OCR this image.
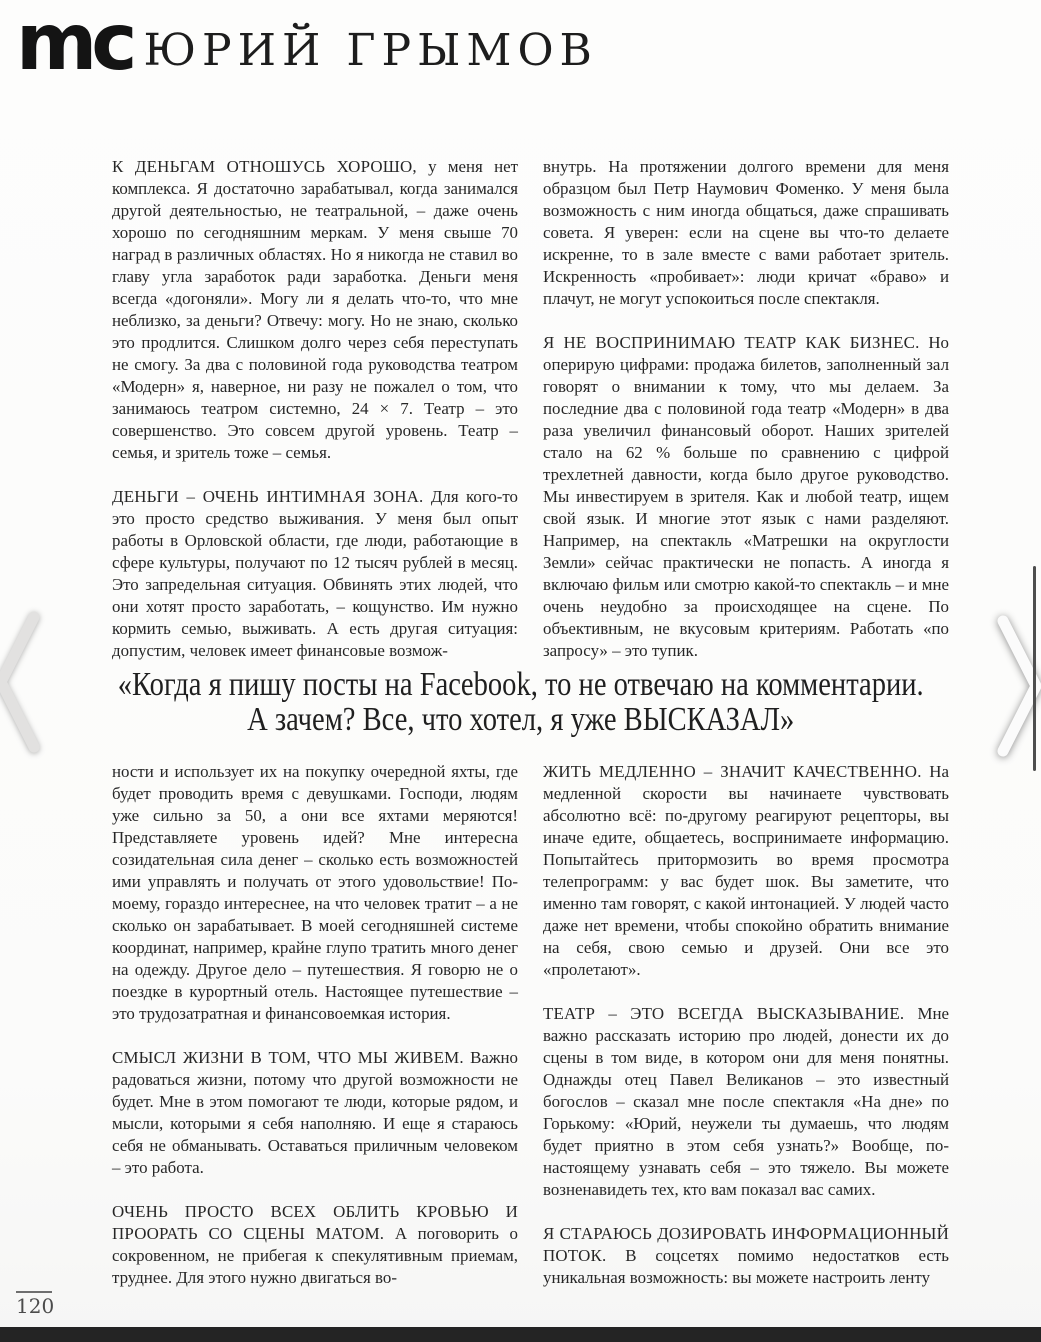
mc ЮРИЙ ГРЫМОВ

К ДЕНЬГАМ ОТНОШУСЬ ХОРОШО, у меня нет комплекса. Я достаточно зарабатывал, когда занимался другой деятельностью, не театральной, – даже очень хорошо по сегодняшним меркам. У меня свыше 70 наград в различных областях. Но я никогда не ставил во главу угла заработок ради заработка. Деньги меня всегда «догоняли». Могу ли я делать что-то, что мне неблизко, за деньги? Отвечу: могу. Но не знаю, сколько это продлится. Слишком долго через себя переступать не смогу. За два с половиной года руководства театром «Модерн» я, наверное, ни разу не пожалел о том, что занимаюсь театром системно, 24 × 7. Театр – это совершенство. Это совсем другой уровень. Театр – семья, и зритель тоже – семья.

ДЕНЬГИ – ОЧЕНЬ ИНТИМНАЯ ЗОНА. Для кого-то это просто средство выживания. У меня был опыт работы в Орловской области, где люди, работающие в сфере культуры, получают по 12 тысяч рублей в месяц. Это запредельная ситуация. Обвинять этих людей, что они хотят просто заработать, – кощунство. Им нужно кормить семью, выживать. А есть другая ситуация: допустим, человек имеет финансовые возмож-

внутрь. На протяжении долгого времени для меня образцом был Петр Наумович Фоменко. У меня была возможность с ним иногда общаться, даже спрашивать совета. Я уверен: если на сцене вы что-то делаете искренне, то в зале вместе с вами работает зритель. Искренность «пробивает»: люди кричат «браво» и плачут, не могут успокоиться после спектакля.

Я НЕ ВОСПРИНИМАЮ ТЕАТР КАК БИЗНЕС. Но оперирую цифрами: продажа билетов, заполненный зал говорят о внимании к тому, что мы делаем. За последние два с половиной года театр «Модерн» в два раза увеличил финансовый оборот. Наших зрителей стало на 62 % больше по сравнению с цифрой трехлетней давности, когда было другое руководство. Мы инвестируем в зрителя. Как и любой театр, ищем свой язык. И многие этот язык с нами разделяют. Например, на спектакль «Матрешки на округлости Земли» сейчас практически не попасть. А иногда я включаю фильм или смотрю какой-то спектакль – и мне очень неудобно за происходящее на сцене. По объективным, не вкусовым критериям. Работать «по запросу» – это тупик.

«Когда я пишу посты на Facebook, то не отвечаю на комментарии.
А зачем? Все, что хотел, я уже ВЫСКАЗАЛ»

ности и использует их на покупку очередной яхты, где будет проводить время с девушками. Господи, людям уже сильно за 50, а они все яхтами меряются! Представляете уровень идей? Мне интересна созидательная сила денег – сколько есть возможностей ими управлять и получать от этого удовольствие! По-моему, гораздо интереснее, на что человек тратит – а не сколько он зарабатывает. В моей сегодняшней системе координат, например, крайне глупо тратить много денег на одежду. Другое дело – путешествия. Я говорю не о поездке в курортный отель. Настоящее путешествие – это трудозатратная и финансовоемкая история.

СМЫСЛ ЖИЗНИ В ТОМ, ЧТО МЫ ЖИВЕМ. Важно радоваться жизни, потому что другой возможности не будет. Мне в этом помогают те люди, которые рядом, и мысли, которыми я себя наполняю. И еще я стараюсь себя не обманывать. Оставаться приличным человеком – это работа.

ОЧЕНЬ ПРОСТО ВСЕХ ОБЛИТЬ КРОВЬЮ И ПРООРАТЬ СО СЦЕНЫ МАТОМ. А поговорить о сокровенном, не прибегая к спекулятивным приемам, труднее. Для этого нужно двигаться во-

ЖИТЬ МЕДЛЕННО – ЗНАЧИТ КАЧЕСТВЕННО. На медленной скорости вы начинаете чувствовать абсолютно всё: по-другому реагируют рецепторы, вы иначе едите, общаетесь, воспринимаете информацию. Попытайтесь притормозить во время просмотра телепрограмм: у вас будет шок. Вы заметите, что именно там говорят, с какой интонацией. У людей часто даже нет времени, чтобы спокойно обратить внимание на себя, свою семью и друзей. Они все это «пролетают».

ТЕАТР – ЭТО ВСЕГДА ВЫСКАЗЫВАНИЕ. Мне важно рассказать историю про людей, донести их до сцены в том виде, в котором они для меня понятны. Однажды отец Павел Великанов – это известный богослов – сказал мне после спектакля «На дне» по Горькому: «Юрий, неужели ты думаешь, что людям будет приятно в этом себя узнать?» Вообще, по-настоящему узнавать себя – это тяжело. Вы можете возненавидеть тех, кто вам показал вас самих.

Я СТАРАЮСЬ ДОЗИРОВАТЬ ИНФОРМАЦИОННЫЙ ПОТОК. В соцсетях помимо недостатков есть уникальная возможность: вы можете настроить ленту

120
